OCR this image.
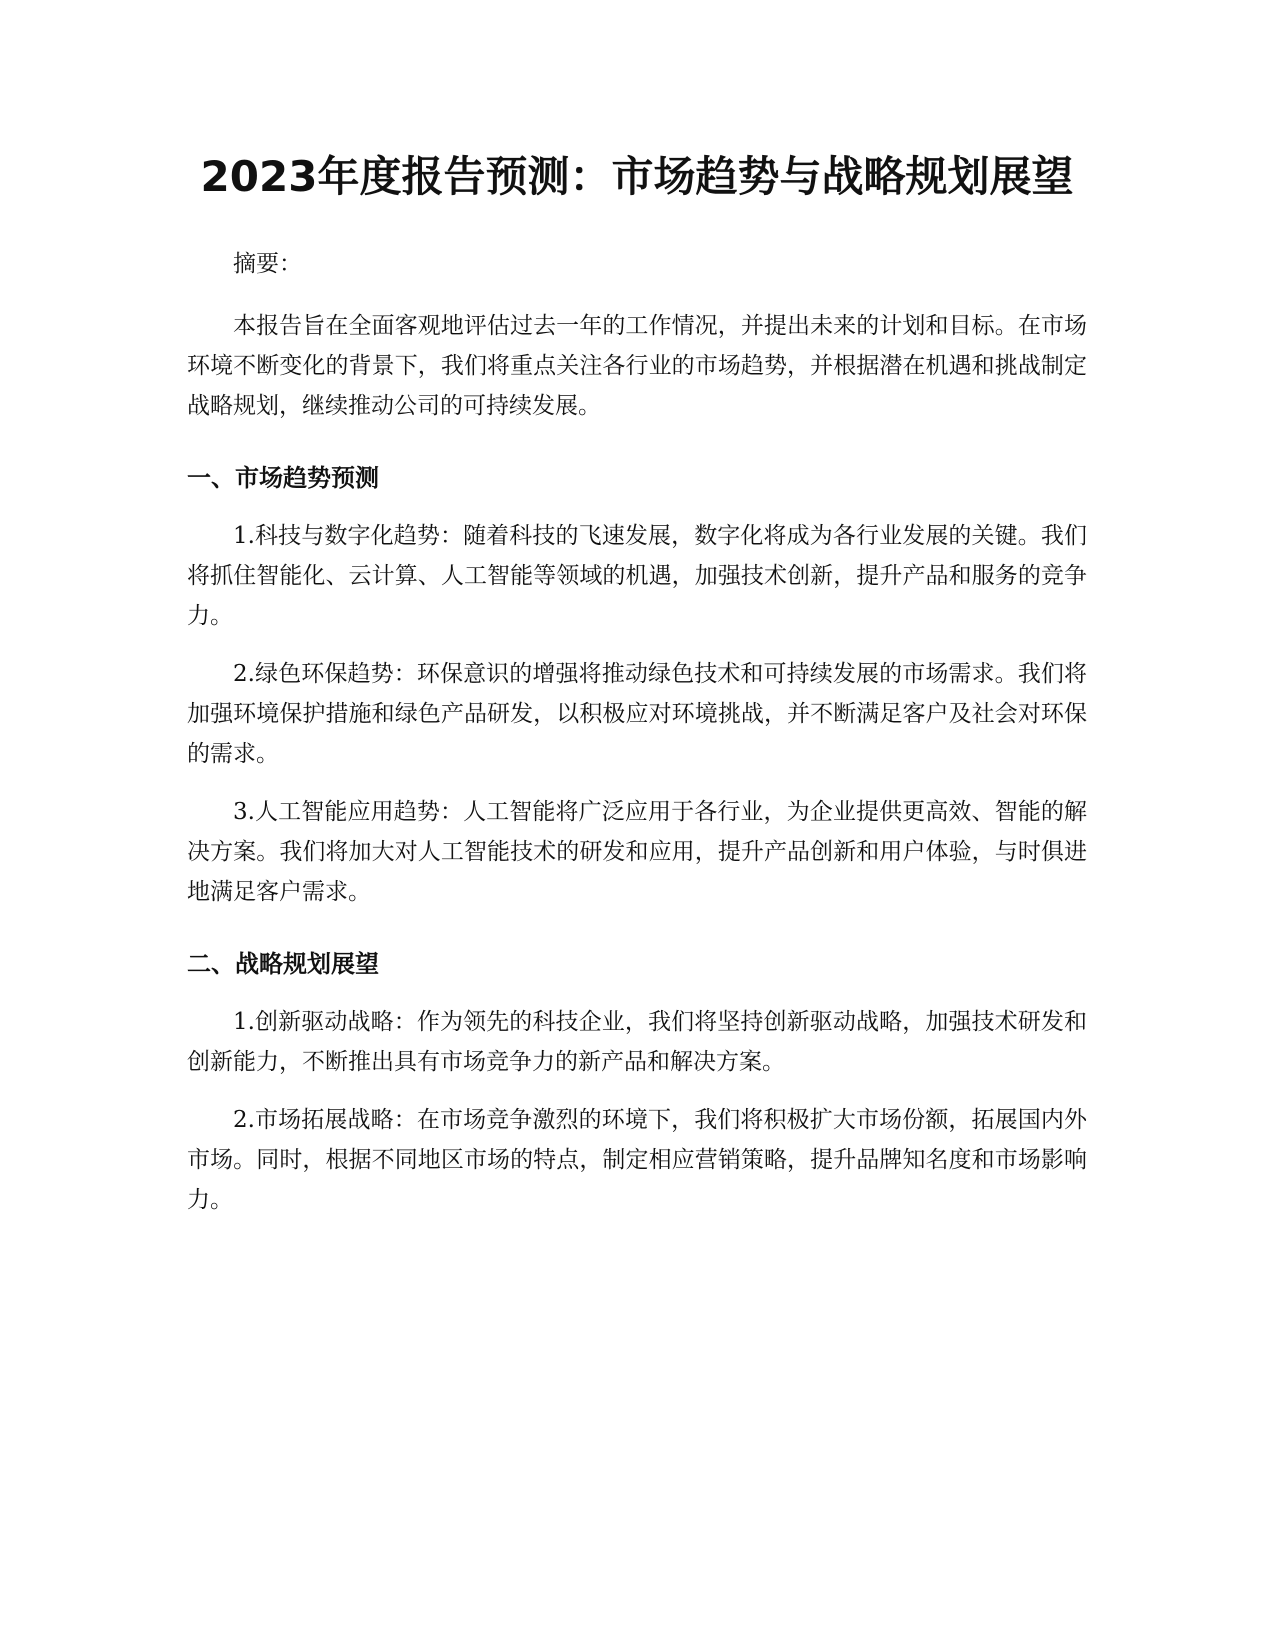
2023年度报告预测：市场趋势与战略规划展望

摘要：

本报告旨在全面客观地评估过去一年的工作情况，并提出未来的计划和目标。在市场环境不断变化的背景下，我们将重点关注各行业的市场趋势，并根据潜在机遇和挑战制定战略规划，继续推动公司的可持续发展。

一、市场趋势预测

1.科技与数字化趋势：随着科技的飞速发展，数字化将成为各行业发展的关键。我们将抓住智能化、云计算、人工智能等领域的机遇，加强技术创新，提升产品和服务的竞争力。

2.绿色环保趋势：环保意识的增强将推动绿色技术和可持续发展的市场需求。我们将加强环境保护措施和绿色产品研发，以积极应对环境挑战，并不断满足客户及社会对环保的需求。

3.人工智能应用趋势：人工智能将广泛应用于各行业，为企业提供更高效、智能的解决方案。我们将加大对人工智能技术的研发和应用，提升产品创新和用户体验，与时俱进地满足客户需求。

二、战略规划展望

1.创新驱动战略：作为领先的科技企业，我们将坚持创新驱动战略，加强技术研发和创新能力，不断推出具有市场竞争力的新产品和解决方案。

2.市场拓展战略：在市场竞争激烈的环境下，我们将积极扩大市场份额，拓展国内外市场。同时，根据不同地区市场的特点，制定相应营销策略，提升品牌知名度和市场影响力。
